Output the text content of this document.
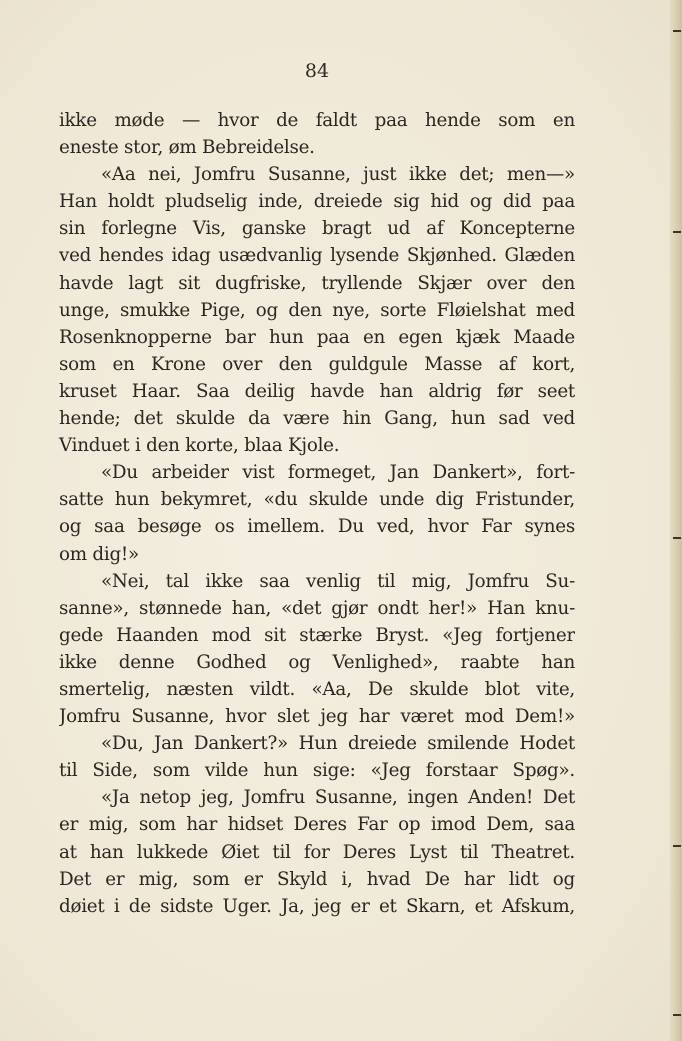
84
ikke møde — hvor de faldt paa hende som en
eneste stor, øm Bebreidelse.
«Aa nei, Jomfru Susanne, just ikke det; men—»
Han holdt pludselig inde, dreiede sig hid og did paa
sin forlegne Vis, ganske bragt ud af Koncepterne
ved hendes idag usædvanlig lysende Skjønhed. Glæden
havde lagt sit dugfriske, tryllende Skjær over den
unge, smukke Pige, og den nye, sorte Fløielshat med
Rosenknopperne bar hun paa en egen kjæk Maade
som en Krone over den guldgule Masse af kort,
kruset Haar. Saa deilig havde han aldrig før seet
hende; det skulde da være hin Gang, hun sad ved
Vinduet i den korte, blaa Kjole.
«Du arbeider vist formeget, Jan Dankert», fort-
satte hun bekymret, «du skulde unde dig Fristunder,
og saa besøge os imellem. Du ved, hvor Far synes
om dig!»
«Nei, tal ikke saa venlig til mig, Jomfru Su-
sanne», stønnede han, «det gjør ondt her!» Han knu-
gede Haanden mod sit stærke Bryst. «Jeg fortjener
ikke denne Godhed og Venlighed», raabte han
smertelig, næsten vildt. «Aa, De skulde blot vite,
Jomfru Susanne, hvor slet jeg har været mod Dem!»
«Du, Jan Dankert?» Hun dreiede smilende Hodet
til Side, som vilde hun sige: «Jeg forstaar Spøg».
«Ja netop jeg, Jomfru Susanne, ingen Anden! Det
er mig, som har hidset Deres Far op imod Dem, saa
at han lukkede Øiet til for Deres Lyst til Theatret.
Det er mig, som er Skyld i, hvad De har lidt og
døiet i de sidste Uger. Ja, jeg er et Skarn, et Afskum,
